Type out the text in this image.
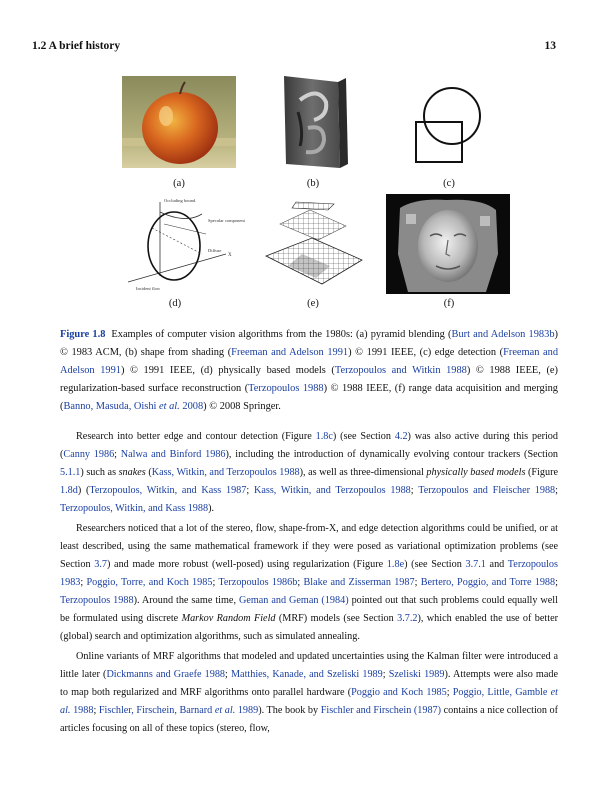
1.2 A brief history	13
(a)	(b)	(c)
Occluding bound.
Specular component
Incident flow
Diffuse
X
(d)	(e)	(f)
Figure 1.8 Examples of computer vision algorithms from the 1980s: (a) pyramid blending (Burt and Adelson 1983b) © 1983 ACM, (b) shape from shading (Freeman and Adelson 1991) © 1991 IEEE, (c) edge detection (Freeman and Adelson 1991) © 1991 IEEE, (d) physically based models (Terzopoulos and Witkin 1988) © 1988 IEEE, (e) regularization-based surface reconstruction (Terzopoulos 1988) © 1988 IEEE, (f) range data acquisition and merging (Banno, Masuda, Oishi et al. 2008) © 2008 Springer.

Research into better edge and contour detection (Figure 1.8c) (see Section 4.2) was also active during this period (Canny 1986; Nalwa and Binford 1986), including the introduction of dynamically evolving contour trackers (Section 5.1.1) such as snakes (Kass, Witkin, and Terzopoulos 1988), as well as three-dimensional physically based models (Figure 1.8d) (Terzopoulos, Witkin, and Kass 1987; Kass, Witkin, and Terzopoulos 1988; Terzopoulos and Fleischer 1988; Terzopoulos, Witkin, and Kass 1988).

Researchers noticed that a lot of the stereo, flow, shape-from-X, and edge detection algorithms could be unified, or at least described, using the same mathematical framework if they were posed as variational optimization problems (see Section 3.7) and made more robust (well-posed) using regularization (Figure 1.8e) (see Section 3.7.1 and Terzopoulos 1983; Poggio, Torre, and Koch 1985; Terzopoulos 1986b; Blake and Zisserman 1987; Bertero, Poggio, and Torre 1988; Terzopoulos 1988). Around the same time, Geman and Geman (1984) pointed out that such problems could equally well be formulated using discrete Markov Random Field (MRF) models (see Section 3.7.2), which enabled the use of better (global) search and optimization algorithms, such as simulated annealing.

Online variants of MRF algorithms that modeled and updated uncertainties using the Kalman filter were introduced a little later (Dickmanns and Graefe 1988; Matthies, Kanade, and Szeliski 1989; Szeliski 1989). Attempts were also made to map both regularized and MRF algorithms onto parallel hardware (Poggio and Koch 1985; Poggio, Little, Gamble et al. 1988; Fischler, Firschein, Barnard et al. 1989). The book by Fischler and Firschein (1987) contains a nice collection of articles focusing on all of these topics (stereo, flow,
